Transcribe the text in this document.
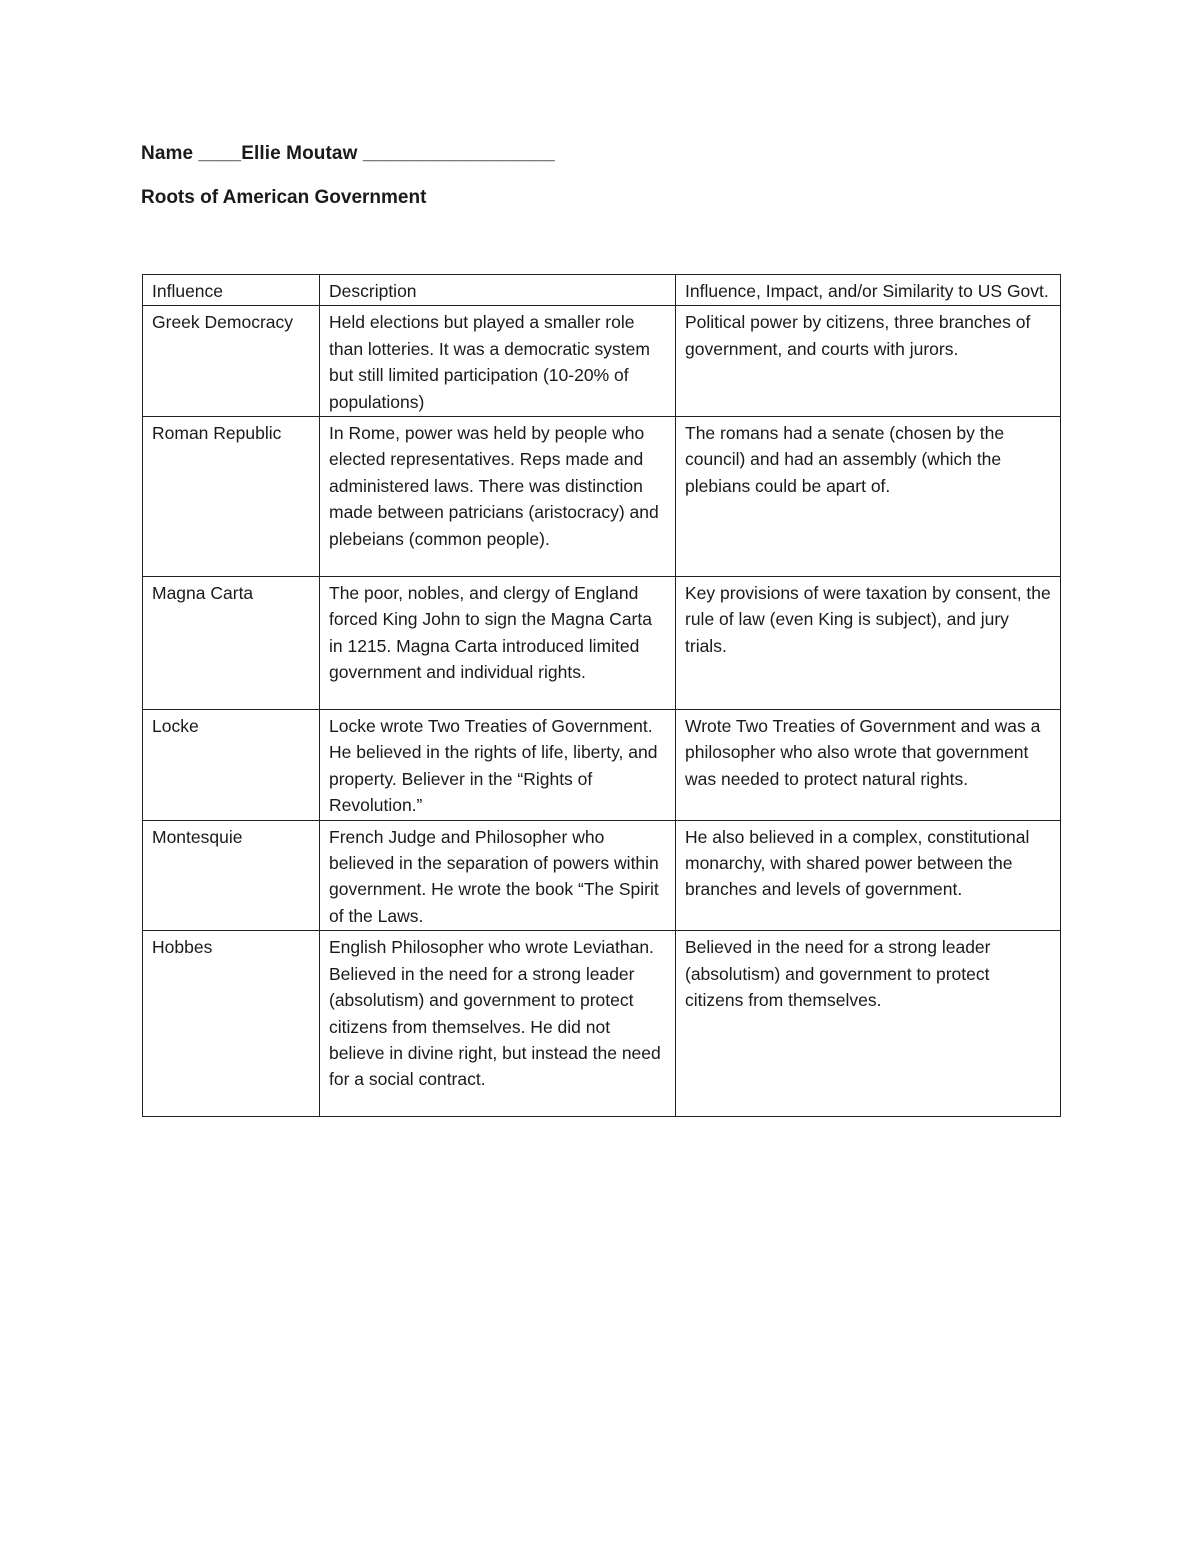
Name ____Ellie Moutaw __________________
Roots of American Government
Influence	Description	Influence, Impact, and/or Similarity to US Govt.
Greek Democracy	Held elections but played a smaller role than lotteries. It was a democratic system but still limited participation (10-20% of populations)	Political power by citizens, three branches of government, and courts with jurors.
Roman Republic	In Rome, power was held by people who elected representatives. Reps made and administered laws. There was distinction made between patricians (aristocracy) and plebeians (common people).	The romans had a senate (chosen by the council) and had an assembly (which the plebians could be apart of.
Magna Carta	The poor, nobles, and clergy of England forced King John to sign the Magna Carta in 1215. Magna Carta introduced limited government and individual rights.	Key provisions of were taxation by consent, the rule of law (even King is subject), and jury trials.
Locke	Locke wrote Two Treaties of Government. He believed in the rights of life, liberty, and property. Believer in the “Rights of Revolution.”	Wrote Two Treaties of Government and was a philosopher who also wrote that government was needed to protect natural rights.
Montesquie	French Judge and Philosopher who believed in the separation of powers within government. He wrote the book “The Spirit of the Laws.	He also believed in a complex, constitutional monarchy, with shared power between the branches and levels of government.
Hobbes	English Philosopher who wrote Leviathan. Believed in the need for a strong leader (absolutism) and government to protect citizens from themselves. He did not believe in divine right, but instead the need for a social contract.	Believed in the need for a strong leader (absolutism) and government to protect citizens from themselves.
